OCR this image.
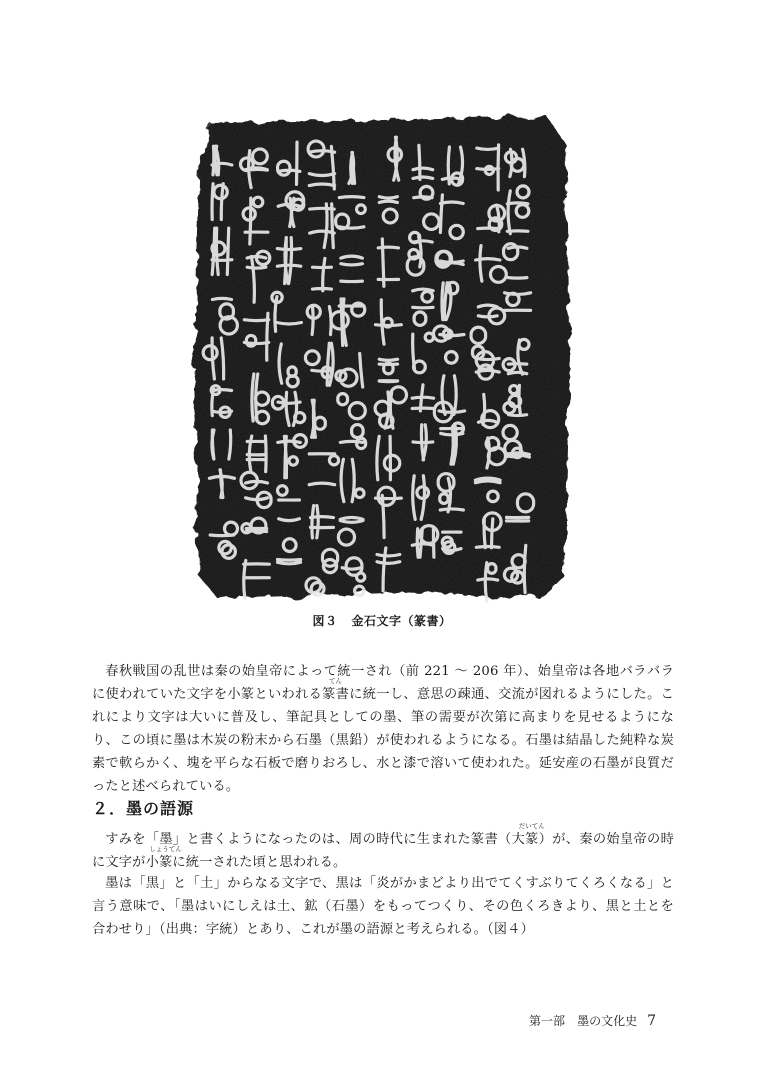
図３ 金石文字（篆書）
春秋戦国の乱世は秦の始皇帝によって統一され（前 221 ～ 206 年）、始皇帝は各地バラバラに使われていた文字を小篆といわれる篆
てん
書に統一し、意思の疎通、交流が図れるようにした。これにより文字は大いに普及し、筆記具としての墨、筆の需要が次第に高まりを見せるようになり、この頃に墨は木炭の粉末から石墨（黒鉛）が使われるようになる。石墨は結晶した純粋な炭素で軟らかく、塊を平らな石板で磨りおろし、水と漆で溶いて使われた。延安産の石墨が良質だったと述べられている。
２．墨の語源
すみを「墨」と書くようになったのは、周の時代に生まれた篆書（大篆
だいてん
）が、秦の始皇帝の時に文字が小篆
しょうてん
に統一された頃と思われる。
墨は「黒」と「土」からなる文字で、黒は「炎がかまどより出でてくすぶりてくろくなる」と言う意味で、「墨はいにしえは土、鉱（石墨）をもってつくり、その色くろきより、黒と土とを合わせり」（出典：字統）とあり、これが墨の語源と考えられる。（図４）
第一部 墨の文化史 7
